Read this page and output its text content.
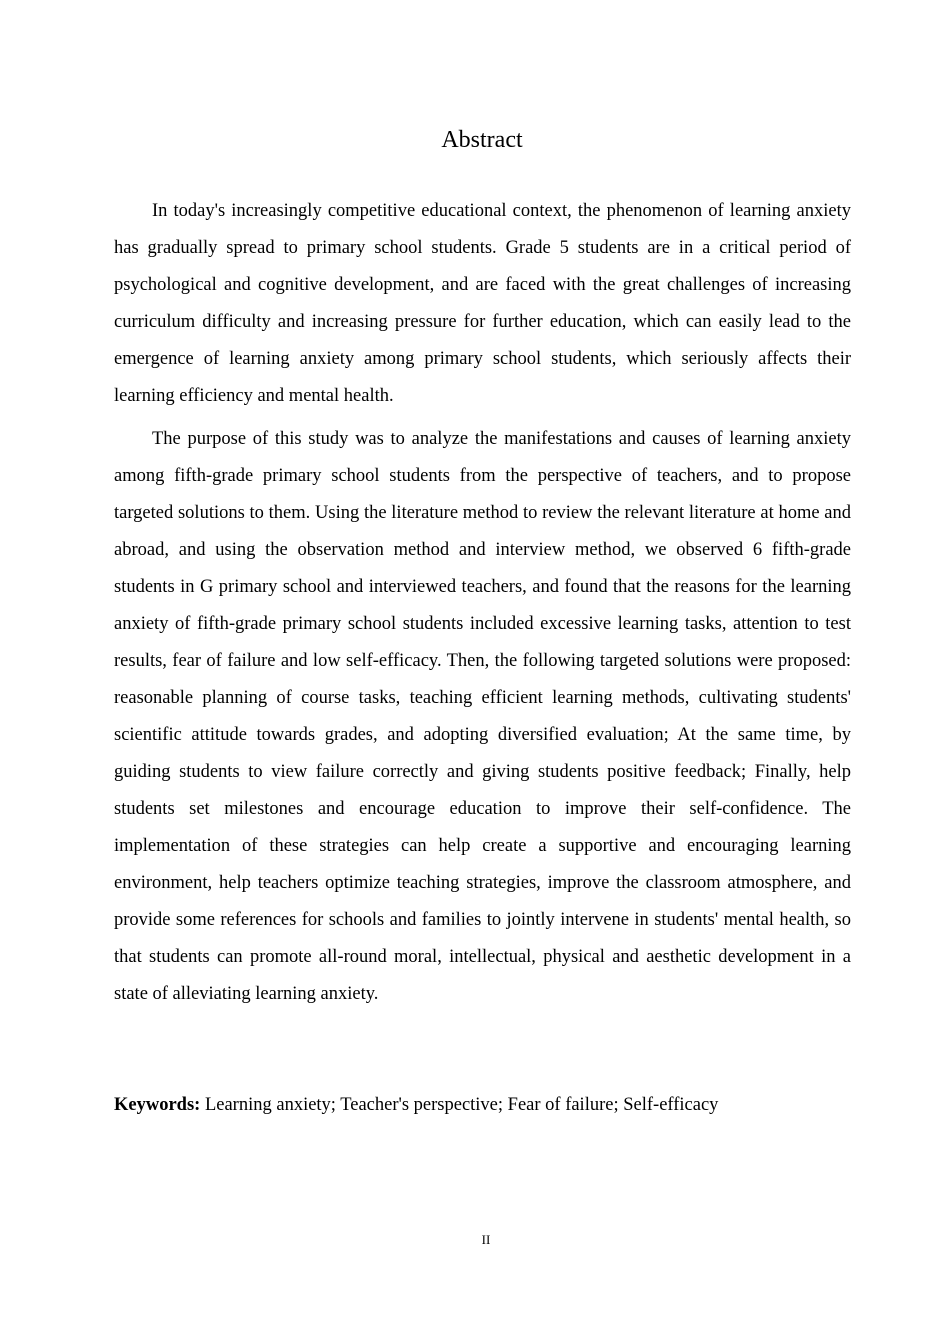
Abstract

In today's increasingly competitive educational context, the phenomenon of learning anxiety has gradually spread to primary school students. Grade 5 students are in a critical period of psychological and cognitive development, and are faced with the great challenges of increasing curriculum difficulty and increasing pressure for further education, which can easily lead to the emergence of learning anxiety among primary school students, which seriously affects their learning efficiency and mental health.

The purpose of this study was to analyze the manifestations and causes of learning anxiety among fifth-grade primary school students from the perspective of teachers, and to propose targeted solutions to them. Using the literature method to review the relevant literature at home and abroad, and using the observation method and interview method, we observed 6 fifth-grade students in G primary school and interviewed teachers, and found that the reasons for the learning anxiety of fifth-grade primary school students included excessive learning tasks, attention to test results, fear of failure and low self-efficacy. Then, the following targeted solutions were proposed: reasonable planning of course tasks, teaching efficient learning methods, cultivating students' scientific attitude towards grades, and adopting diversified evaluation; At the same time, by guiding students to view failure correctly and giving students positive feedback; Finally, help students set milestones and encourage education to improve their self-confidence. The implementation of these strategies can help create a supportive and encouraging learning environment, help teachers optimize teaching strategies, improve the classroom atmosphere, and provide some references for schools and families to jointly intervene in students' mental health, so that students can promote all-round moral, intellectual, physical and aesthetic development in a state of alleviating learning anxiety.

Keywords: Learning anxiety; Teacher's perspective; Fear of failure; Self-efficacy

II
